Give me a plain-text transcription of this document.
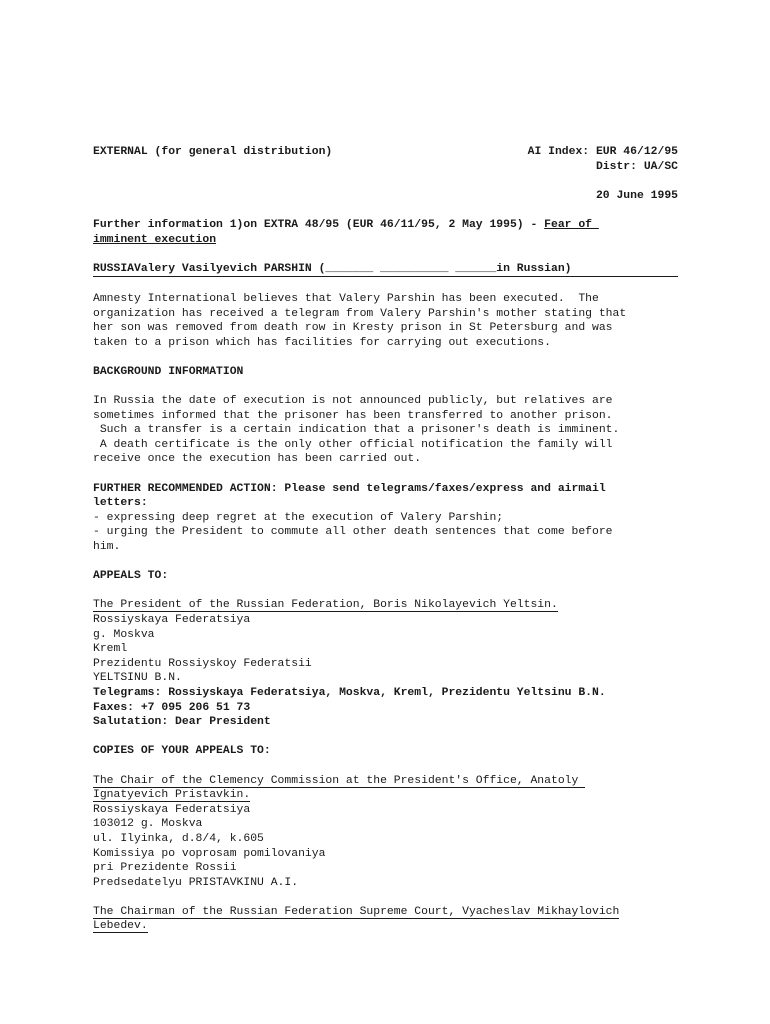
EXTERNAL (for general distribution)	AI Index: EUR 46/12/95
Distr: UA/SC
20 June 1995
Further information 1)on EXTRA 48/95 (EUR 46/11/95, 2 May 1995) - Fear of
imminent execution
RUSSIAValery Vasilyevich PARSHIN (_______ __________ ______in Russian)
Amnesty International believes that Valery Parshin has been executed.  The
organization has received a telegram from Valery Parshin's mother stating that
her son was removed from death row in Kresty prison in St Petersburg and was
taken to a prison which has facilities for carrying out executions.
BACKGROUND INFORMATION
In Russia the date of execution is not announced publicly, but relatives are
sometimes informed that the prisoner has been transferred to another prison.
Such a transfer is a certain indication that a prisoner's death is imminent.
A death certificate is the only other official notification the family will
receive once the execution has been carried out.
FURTHER RECOMMENDED ACTION: Please send telegrams/faxes/express and airmail
letters:
- expressing deep regret at the execution of Valery Parshin;
- urging the President to commute all other death sentences that come before
him.
APPEALS TO:
The President of the Russian Federation, Boris Nikolayevich Yeltsin.
Rossiyskaya Federatsiya
g. Moskva
Kreml
Prezidentu Rossiyskoy Federatsii
YELTSINU B.N.
Telegrams: Rossiyskaya Federatsiya, Moskva, Kreml, Prezidentu Yeltsinu B.N.
Faxes: +7 095 206 51 73
Salutation: Dear President
COPIES OF YOUR APPEALS TO:
The Chair of the Clemency Commission at the President's Office, Anatoly
Ignatyevich Pristavkin.
Rossiyskaya Federatsiya
103012 g. Moskva
ul. Ilyinka, d.8/4, k.605
Komissiya po voprosam pomilovaniya
pri Prezidente Rossii
Predsedatelyu PRISTAVKINU A.I.
The Chairman of the Russian Federation Supreme Court, Vyacheslav Mikhaylovich
Lebedev.
